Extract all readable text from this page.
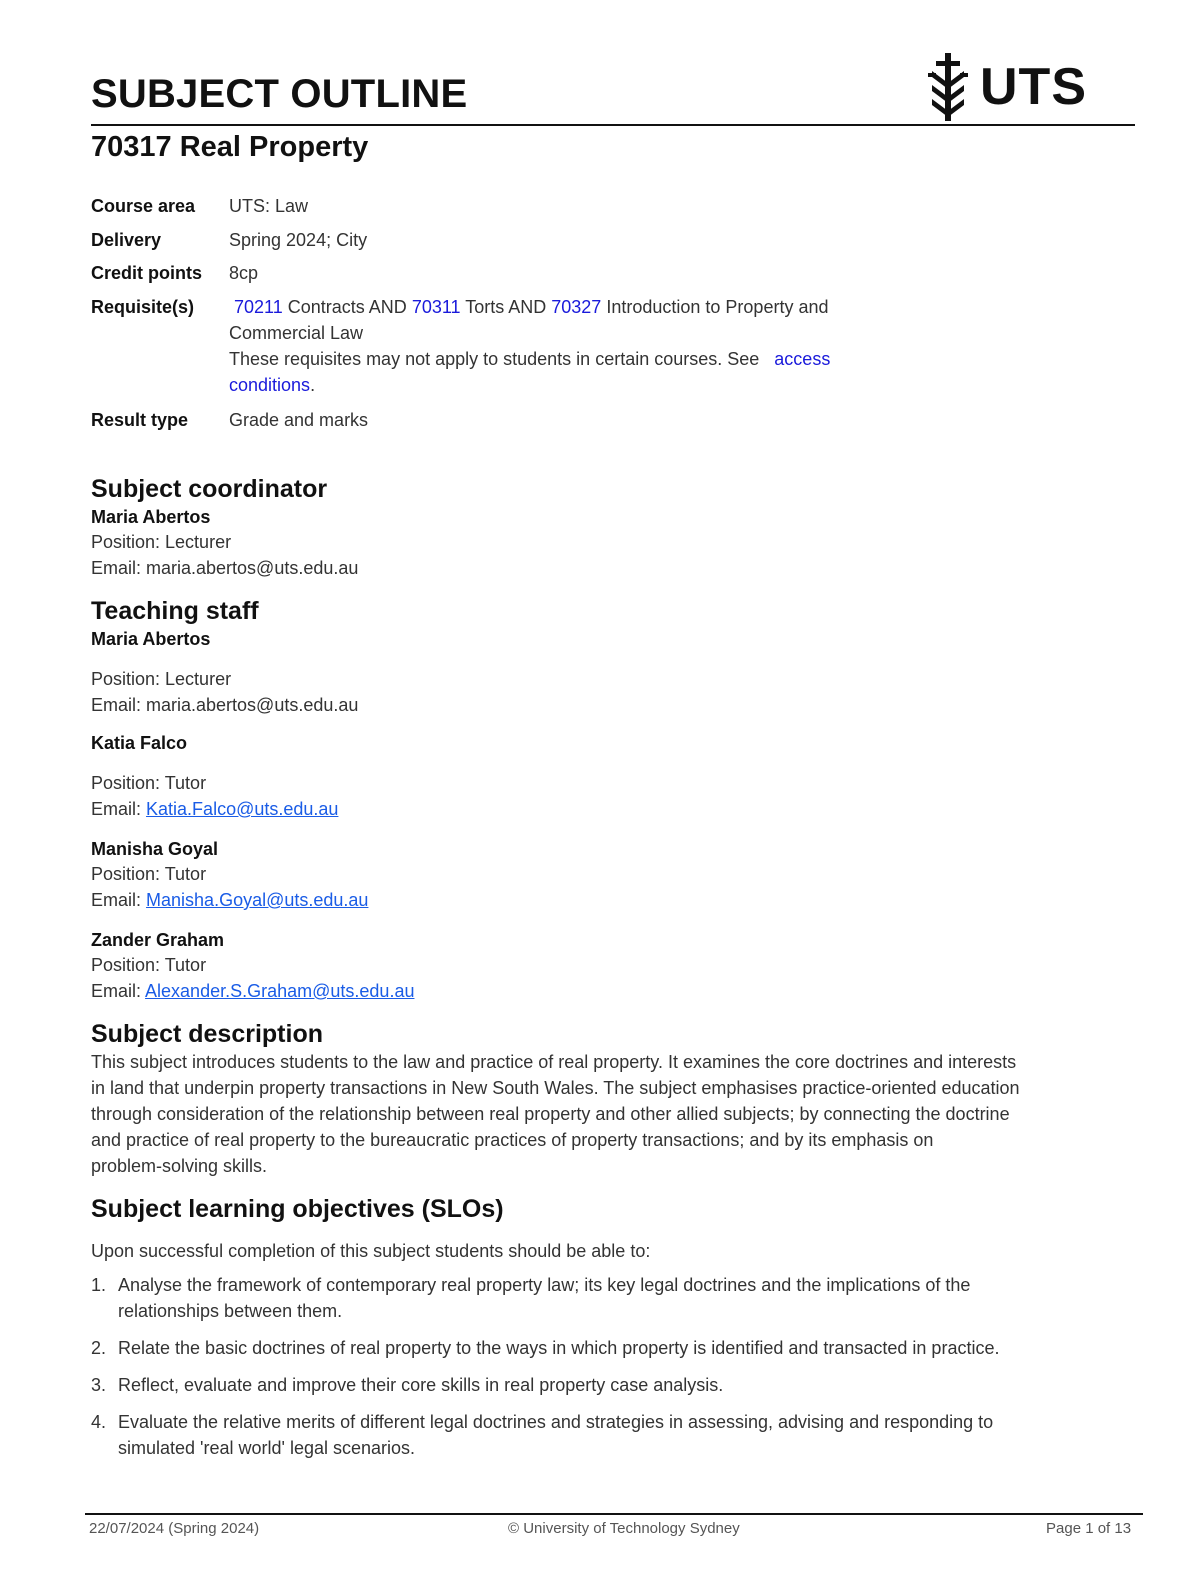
SUBJECT OUTLINE	UTS
70317 Real Property
Course area	UTS: Law
Delivery	Spring 2024; City
Credit points	8cp
Requisite(s)	70211 Contracts AND 70311 Torts AND 70327 Introduction to Property and
Commercial Law
These requisites may not apply to students in certain courses. See access
conditions.
Result type	Grade and marks
Subject coordinator
Maria Abertos
Position: Lecturer
Email: maria.abertos@uts.edu.au
Teaching staff
Maria Abertos
Position: Lecturer
Email: maria.abertos@uts.edu.au
Katia Falco
Position: Tutor
Email: Katia.Falco@uts.edu.au
Manisha Goyal
Position: Tutor
Email: Manisha.Goyal@uts.edu.au
Zander Graham
Position: Tutor
Email: Alexander.S.Graham@uts.edu.au
Subject description
This subject introduces students to the law and practice of real property. It examines the core doctrines and interests
in land that underpin property transactions in New South Wales. The subject emphasises practice-oriented education
through consideration of the relationship between real property and other allied subjects; by connecting the doctrine
and practice of real property to the bureaucratic practices of property transactions; and by its emphasis on
problem-solving skills.
Subject learning objectives (SLOs)
Upon successful completion of this subject students should be able to:
1. Analyse the framework of contemporary real property law; its key legal doctrines and the implications of the
relationships between them.
2. Relate the basic doctrines of real property to the ways in which property is identified and transacted in practice.
3. Reflect, evaluate and improve their core skills in real property case analysis.
4. Evaluate the relative merits of different legal doctrines and strategies in assessing, advising and responding to
simulated 'real world' legal scenarios.
22/07/2024 (Spring 2024)	© University of Technology Sydney	Page 1 of 13
